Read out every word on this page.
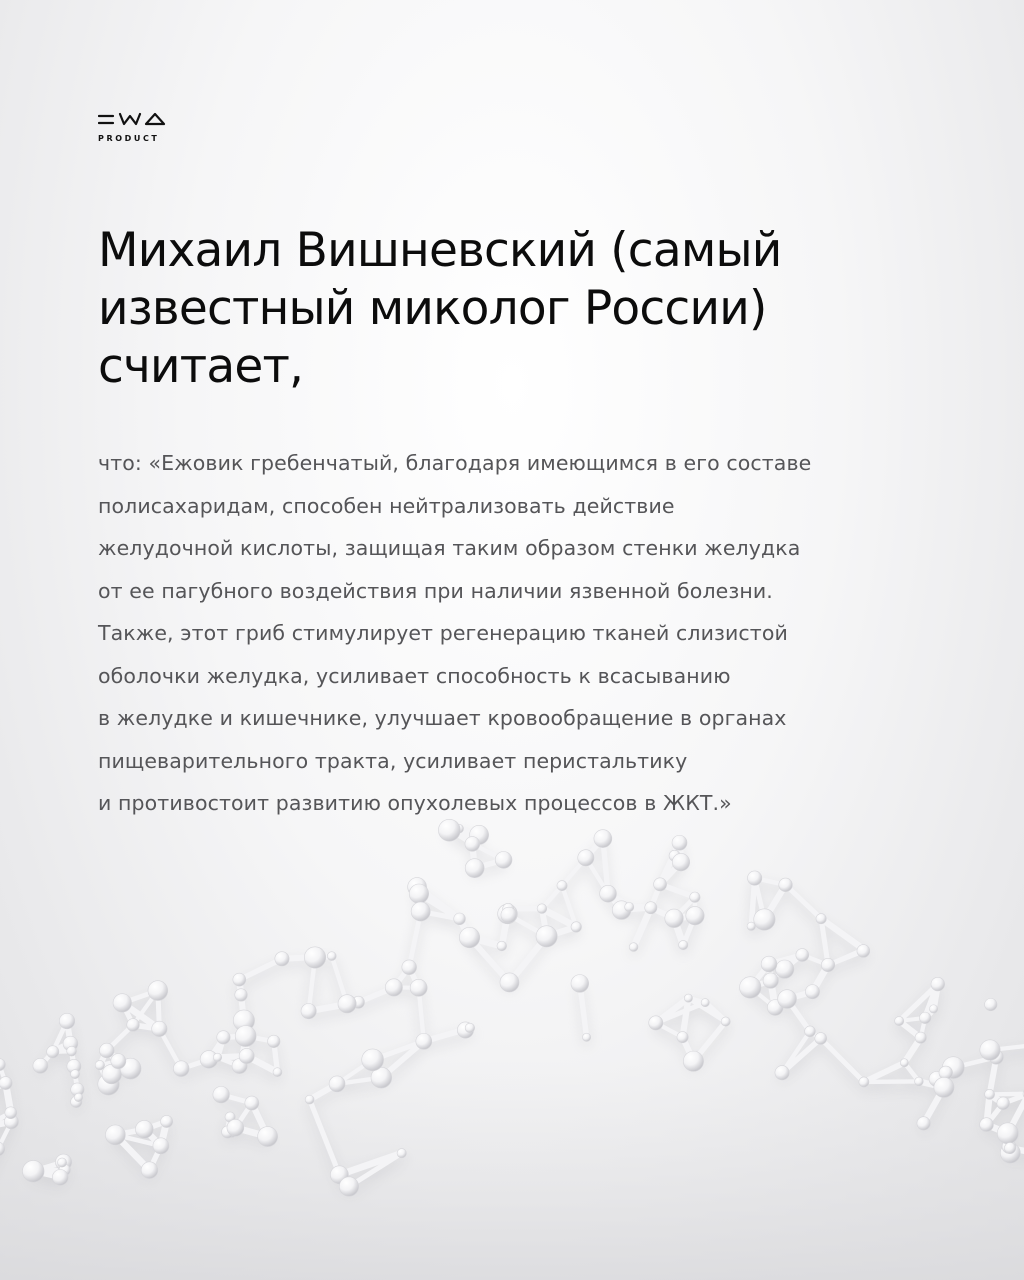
PRODUCT
Михаил Вишневский (самый
известный миколог России)
считает,
что: «Ежовик гребенчатый, благодаря имеющимся в его составе
полисахаридам, способен нейтрализовать действие
желудочной кислоты, защищая таким образом стенки желудка
от ее пагубного воздействия при наличии язвенной болезни.
Также, этот гриб стимулирует регенерацию тканей слизистой
оболочки желудка, усиливает способность к всасыванию
в желудке и кишечнике, улучшает кровообращение в органах
пищеварительного тракта, усиливает перистальтику
и противостоит развитию опухолевых процессов в ЖКТ.»
